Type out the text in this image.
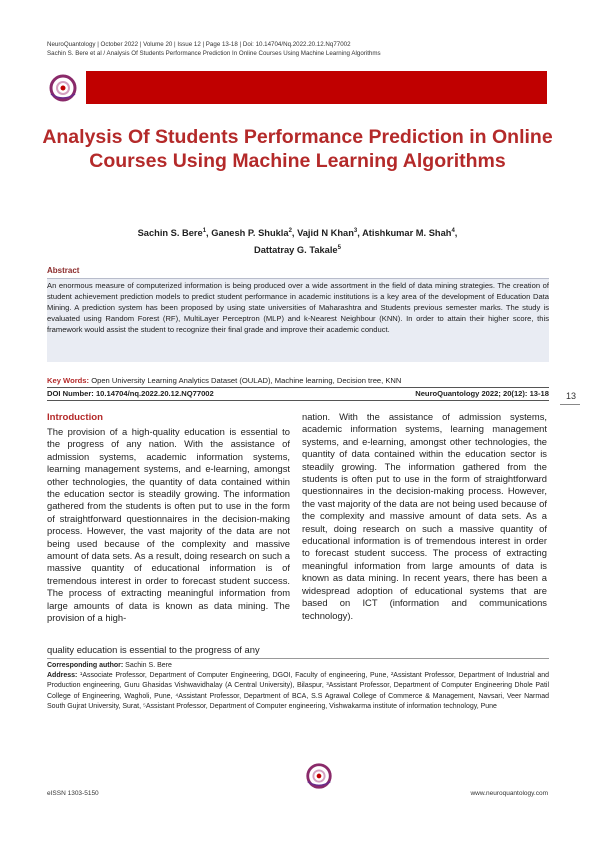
NeuroQuantology | October 2022 | Volume 20 | Issue 12 | Page 13-18 | Doi: 10.14704/Nq.2022.20.12.Nq77002
Sachin S. Bere et al / Analysis Of Students Performance Prediction In Online Courses Using Machine Learning Algorithms
Analysis Of Students Performance Prediction in Online Courses Using Machine Learning Algorithms
Sachin S. Bere$^1$, Ganesh P. Shukla$^2$, Vajid N Khan$^3$, Atishkumar M. Shah$^4$,
Dattatray G. Takale$^5$
Abstract
An enormous measure of computerized information is being produced over a wide assortment in the field of data mining strategies. The creation of student achievement prediction models to predict student performance in academic institutions is a key area of the development of Education Data Mining. A prediction system has been proposed by using state universities of Maharashtra and Students previous semester marks. The study is evaluated using Random Forest (RF), MultiLayer Perceptron (MLP) and k-Nearest Neighbour (KNN). In order to attain their higher score, this framework would assist the student to recognize their final grade and improve their academic conduct.
Key Words: Open University Learning Analytics Dataset (OULAD), Machine learning, Decision tree, KNN
DOI Number: 10.14704/nq.2022.20.12.NQ77002	NeuroQuantology 2022; 20(12): 13-18 13
Introduction
The provision of a high-quality education is essential to the progress of any nation. With the assistance of admission systems, academic information systems, learning management systems, and e-learning, amongst other technologies, the quantity of data contained within the education sector is steadily growing. The information gathered from the students is often put to use in the form of straightforward questionnaires in the decision-making process. However, the vast majority of the data are not being used because of the complexity and massive amount of data sets. As a result, doing research on such a massive quantity of educational information is of tremendous interest in order to forecast student success. The process of extracting meaningful information from large amounts of data is known as data mining. The provision of a high-
quality education is essential to the progress of any
nation. With the assistance of admission systems, academic information systems, learning management systems, and e-learning, amongst other technologies, the quantity of data contained within the education sector is steadily growing. The information gathered from the students is often put to use in the form of straightforward questionnaires in the decision-making process. However, the vast majority of the data are not being used because of the complexity and massive amount of data sets. As a result, doing research on such a massive quantity of educational information is of tremendous interest in order to forecast student success. The process of extracting meaningful information from large amounts of data is known as data mining. In recent years, there has been a widespread adoption of educational systems that are based on ICT (information and communications technology).
Corresponding author: Sachin S. Bere
Address: ¹Associate Professor, Department of Computer Engineering, DGOI, Faculty of engineering, Pune, ²Assistant Professor, Department of Industrial and Production engineering, Guru Ghasidas Vishwavidhalay (A Central University), Bilaspur, ³Assistant Professor, Department of Computer Engineering Dhole Patil College of Engineering, Wagholi, Pune, ⁴Assistant Professor, Department of BCA, S.S Agrawal College of Commerce & Management, Navsari, Veer Narmad South Gujrat University, Surat, ⁵Assistant Professor, Department of Computer engineering, Vishwakarma institute of information technology, Pune
eISSN 1303-5150	www.neuroquantology.com
